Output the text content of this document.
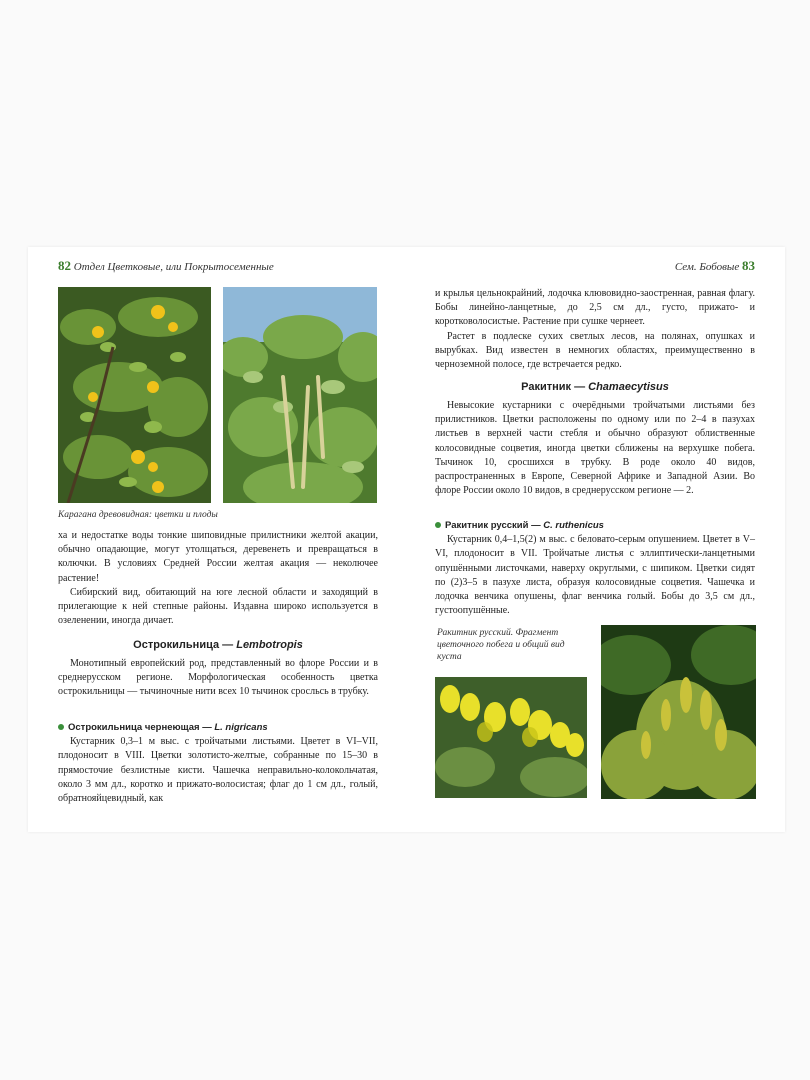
82 Отдел Цветковые, или Покрытосеменные
Карагана древовидная: цветки и плоды

ха и недостатке воды тонкие шиповидные прилистники желтой акации, обычно опадающие, могут утолщаться, деревенеть и превращаться в колючки. В условиях Средней России желтая акация — неколючее растение!

Сибирский вид, обитающий на юге лесной области и заходящий в прилегающие к ней степные районы. Издавна широко используется в озеленении, иногда дичает.

Острокильница — Lembotropis

Монотипный европейский род, представленный во флоре России и в среднерусском регионе. Морфологическая особенность цветка острокильницы — тычиночные нити всех 10 тычинок сросльсь в трубку.

Острокильница чернеющая — L. nigricans

Кустарник 0,3–1 м выс. с тройчатыми листьями. Цветет в VI–VII, плодоносит в VIII. Цветки золотисто-желтые, собранные по 15–30 в прямосточие безлистные кисти. Чашечка неправильно-колокольчатая, около 3 мм дл., коротко и прижато-волосистая; флаг до 1 см дл., голый, обратнояйцевидный, как

Сем. Бобовые 83

и крылья цельнокрайний, лодочка клювовидно-заостренная, равная флагу. Бобы линейно-ланцетные, до 2,5 см дл., густо, прижато- и коротковолосистые. Растение при сушке чернеет.

Растет в подлеске сухих светлых лесов, на полянах, опушках и вырубках. Вид известен в немногих областях, преимущественно в черноземной полосе, где встречается редко.

Ракитник — Chamaecytisus

Невысокие кустарники с очерёдными тройчатыми листьями без прилистников. Цветки расположены по одному или по 2–4 в пазухах листьев в верхней части стебля и обычно образуют облиственные колосовидные соцветия, иногда цветки сближены на верхушке побега. Тычинок 10, сросшихся в трубку. В роде около 40 видов, распространенных в Европе, Северной Африке и Западной Азии. Во флоре России около 10 видов, в среднерусском регионе — 2.

Ракитник русский — C. ruthenicus

Кустарник 0,4–1,5(2) м выс. с беловато-серым опушением. Цветет в V–VI, плодоносит в VII. Тройчатые листья с эллиптически-ланцетными опушёнными листочками, наверху округлыми, с шипиком. Цветки сидят по (2)3–5 в пазухе листа, образуя колосовидные соцветия. Чашечка и лодочка венчика опушены, флаг венчика голый. Бобы до 3,5 см дл., густоопушённые.

Ракитник русский. Фрагмент цветочного побега и общий вид куста
